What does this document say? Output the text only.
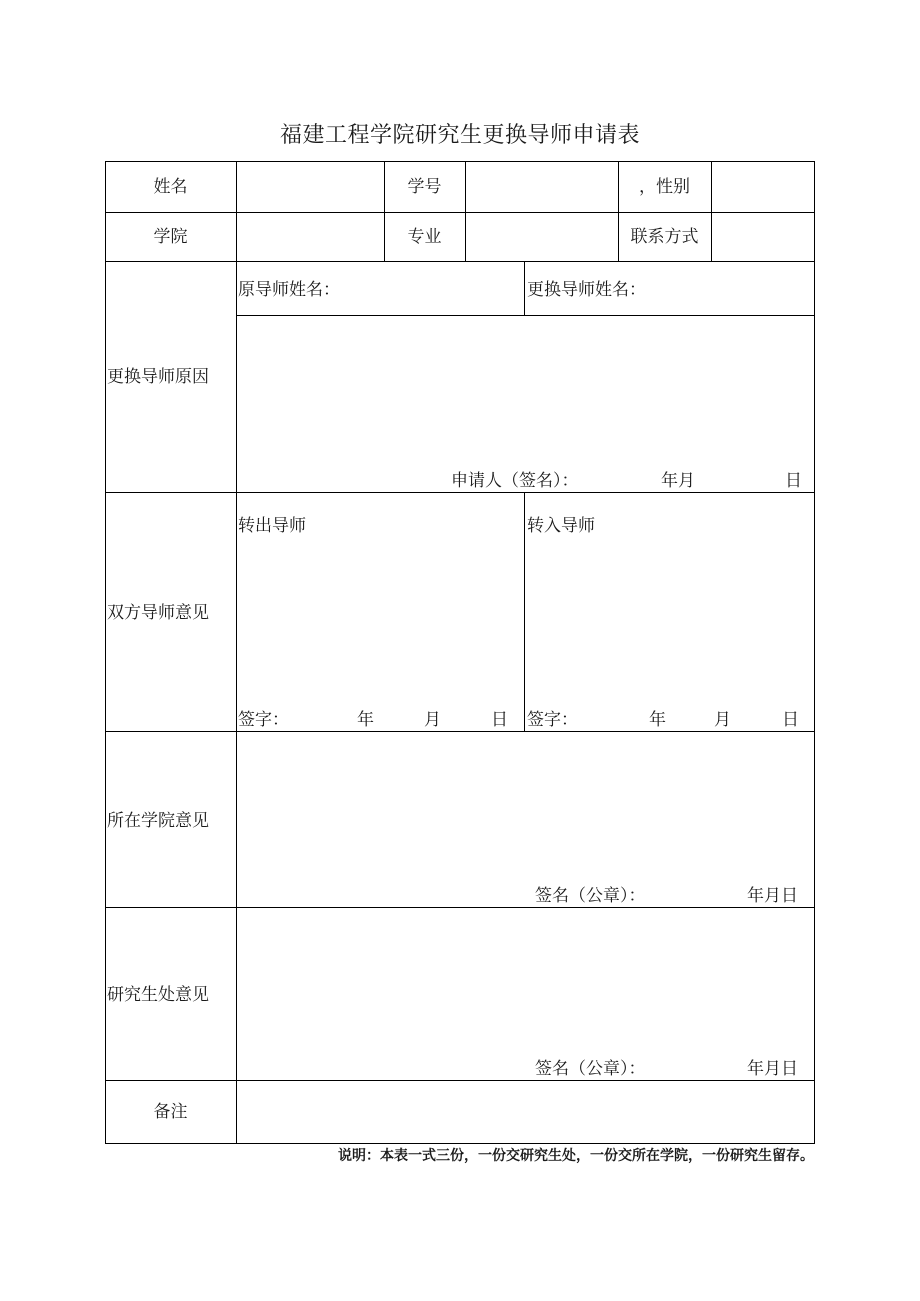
福建工程学院研究生更换导师申请表
姓名	学号	，性别
学院	专业	联系方式
更换导师原因
原导师姓名：	更换导师姓名：
申请人（签名）：	年月	日
双方导师意见
转出导师	转入导师
签字：	年	月	日 签字：	年	月	日
所在学院意见
签名（公章）：	年月日
研究生处意见
签名（公章）：	年月日
备注
说明：本表一式三份，一份交研究生处，一份交所在学院，一份研究生留存。
